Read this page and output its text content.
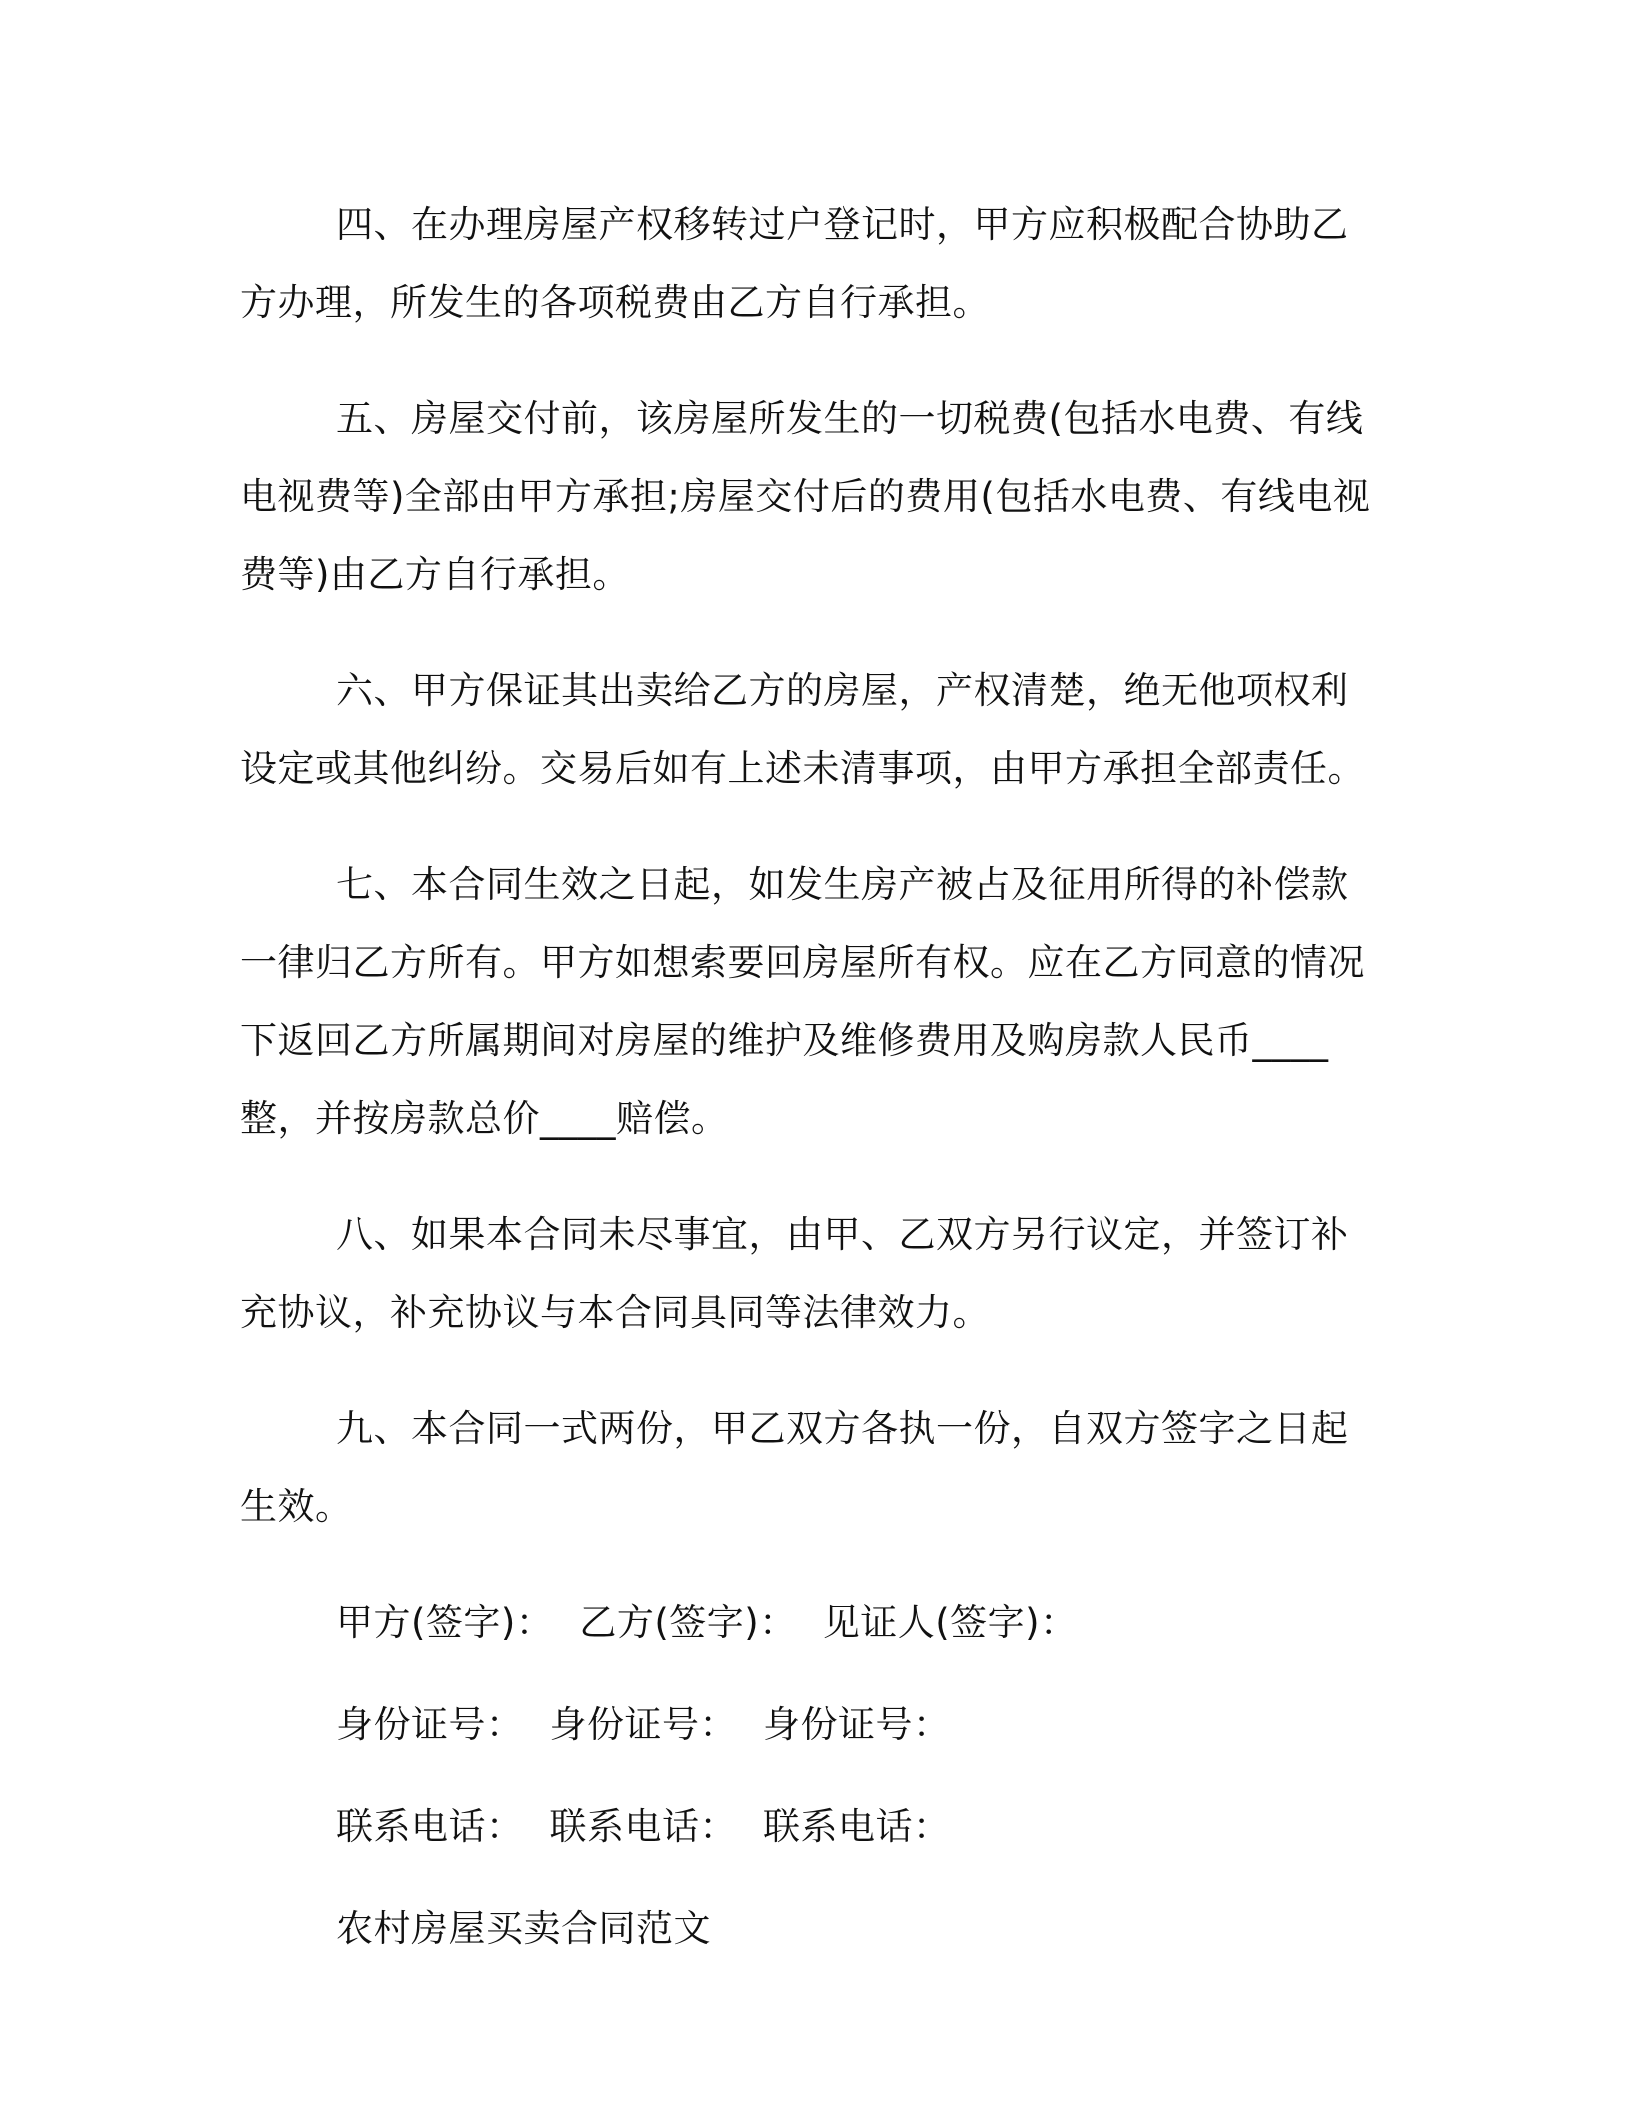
四、在办理房屋产权移转过户登记时，甲方应积极配合协助乙方办理，所发生的各项税费由乙方自行承担。

五、房屋交付前，该房屋所发生的一切税费(包括水电费、有线电视费等)全部由甲方承担;房屋交付后的费用(包括水电费、有线电视费等)由乙方自行承担。

六、甲方保证其出卖给乙方的房屋，产权清楚，绝无他项权利设定或其他纠纷。交易后如有上述未清事项，由甲方承担全部责任。

七、本合同生效之日起，如发生房产被占及征用所得的补偿款一律归乙方所有。甲方如想索要回房屋所有权。应在乙方同意的情况下返回乙方所属期间对房屋的维护及维修费用及购房款人民币____整，并按房款总价____赔偿。

八、如果本合同未尽事宜，由甲、乙双方另行议定，并签订补充协议，补充协议与本合同具同等法律效力。

九、本合同一式两份，甲乙双方各执一份，自双方签字之日起生效。

甲方(签字)： 乙方(签字)： 见证人(签字)：

身份证号： 身份证号： 身份证号：

联系电话： 联系电话： 联系电话：

农村房屋买卖合同范文
